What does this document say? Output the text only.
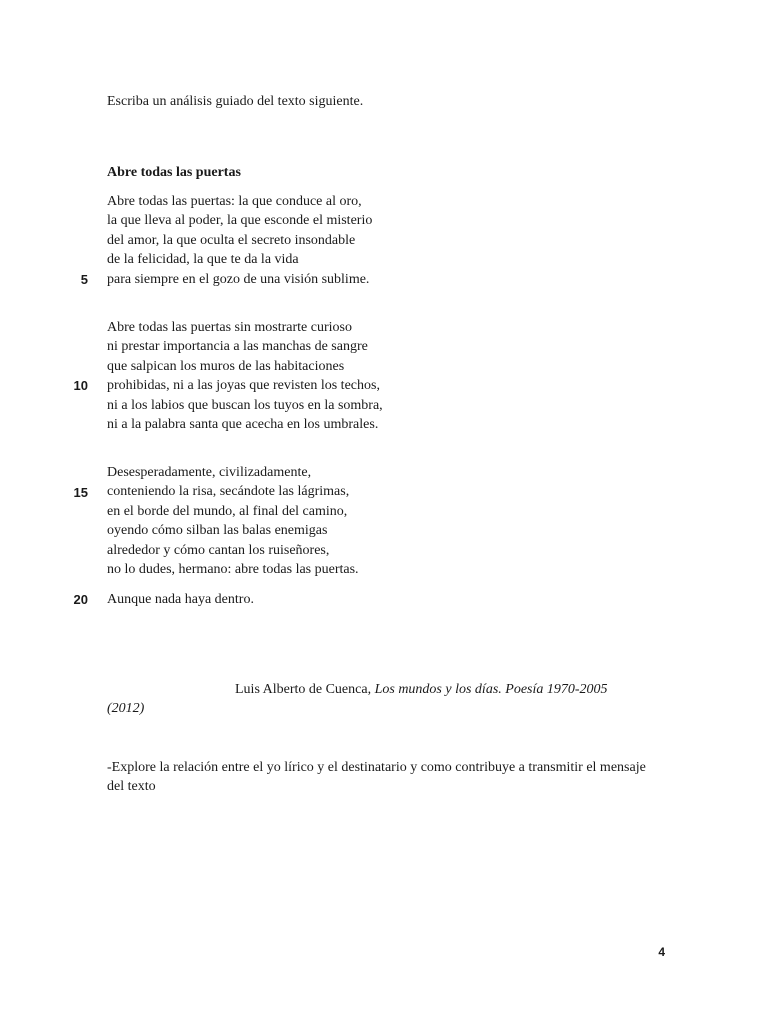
Escriba un análisis guiado del texto siguiente.
Abre todas las puertas
Abre todas las puertas: la que conduce al oro,
la que lleva al poder, la que esconde el misterio
del amor, la que oculta el secreto insondable
de la felicidad, la que te da la vida
para siempre en el gozo de una visión sublime.
Abre todas las puertas sin mostrarte curioso
ni prestar importancia a las manchas de sangre
que salpican los muros de las habitaciones
prohibidas, ni a las joyas que revisten los techos,
ni a los labios que buscan los tuyos en la sombra,
ni a la palabra santa que acecha en los umbrales.
Desesperadamente, civilizadamente,
conteniendo la risa, secándote las lágrimas,
en el borde del mundo, al final del camino,
oyendo cómo silban las balas enemigas
alrededor y cómo cantan los ruiseñores,
no lo dudes, hermano: abre todas las puertas.
Aunque nada haya dentro.
5
10
15
20
Luis Alberto de Cuenca, Los mundos y los días. Poesía 1970-2005
(2012)
-Explore la relación entre el yo lírico y el destinatario y como contribuye a transmitir el mensaje del texto
4
